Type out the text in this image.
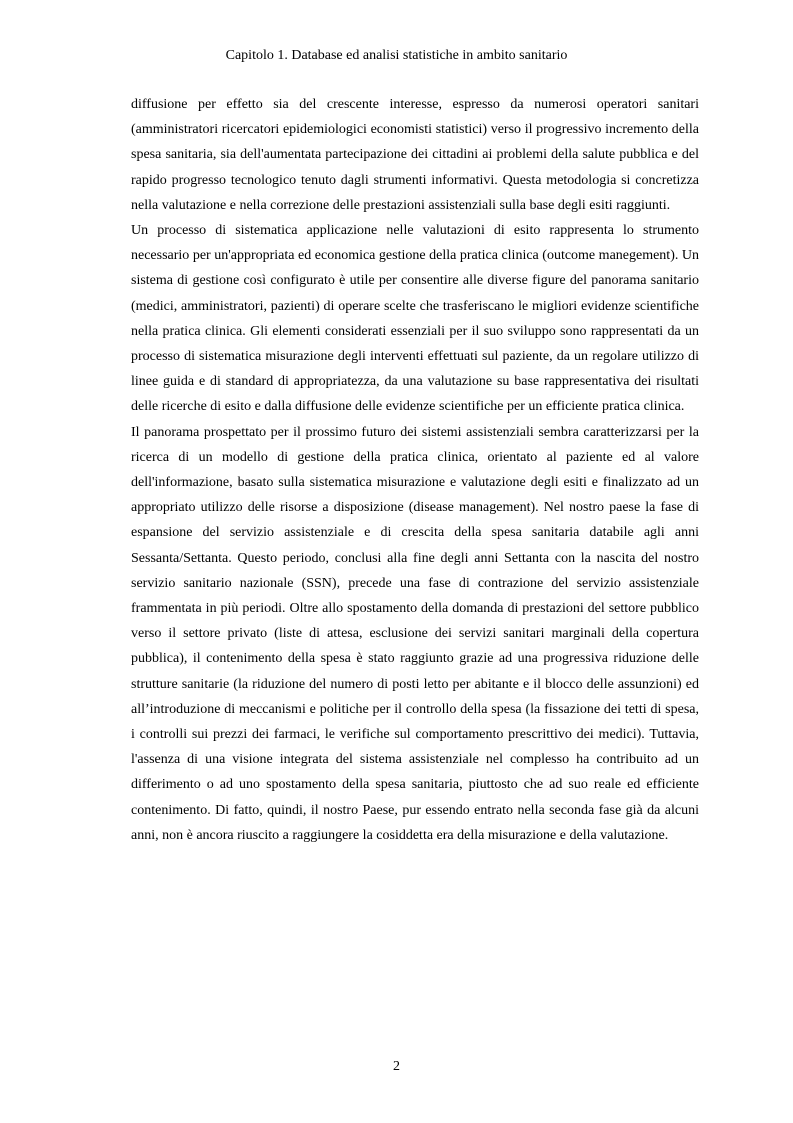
Capitolo 1. Database ed analisi statistiche in ambito sanitario

diffusione per effetto sia del crescente interesse, espresso da numerosi operatori sanitari (amministratori ricercatori epidemiologici economisti statistici) verso il progressivo incremento della spesa sanitaria, sia dell'aumentata partecipazione dei cittadini ai problemi della salute pubblica e del rapido progresso tecnologico tenuto dagli strumenti informativi. Questa metodologia si concretizza nella valutazione e nella correzione delle prestazioni assistenziali sulla base degli esiti raggiunti.

Un processo di sistematica applicazione nelle valutazioni di esito rappresenta lo strumento necessario per un'appropriata ed economica gestione della pratica clinica (outcome manegement). Un sistema di gestione così configurato è utile per consentire alle diverse figure del panorama sanitario (medici, amministratori, pazienti) di operare scelte che trasferiscano le migliori evidenze scientifiche nella pratica clinica. Gli elementi considerati essenziali per il suo sviluppo sono rappresentati da un processo di sistematica misurazione degli interventi effettuati sul paziente, da un regolare utilizzo di linee guida e di standard di appropriatezza, da una valutazione su base rappresentativa dei risultati delle ricerche di esito e dalla diffusione delle evidenze scientifiche per un efficiente pratica clinica.

Il panorama prospettato per il prossimo futuro dei sistemi assistenziali sembra caratterizzarsi per la ricerca di un modello di gestione della pratica clinica, orientato al paziente ed al valore dell'informazione, basato sulla sistematica misurazione e valutazione degli esiti e finalizzato ad un appropriato utilizzo delle risorse a disposizione (disease management). Nel nostro paese la fase di espansione del servizio assistenziale e di crescita della spesa sanitaria databile agli anni Sessanta/Settanta. Questo periodo, conclusi alla fine degli anni Settanta con la nascita del nostro servizio sanitario nazionale (SSN), precede una fase di contrazione del servizio assistenziale frammentata in più periodi. Oltre allo spostamento della domanda di prestazioni del settore pubblico verso il settore privato (liste di attesa, esclusione dei servizi sanitari marginali della copertura pubblica), il contenimento della spesa è stato raggiunto grazie ad una progressiva riduzione delle strutture sanitarie (la riduzione del numero di posti letto per abitante e il blocco delle assunzioni) ed all’introduzione di meccanismi e politiche per il controllo della spesa (la fissazione dei tetti di spesa, i controlli sui prezzi dei farmaci, le verifiche sul comportamento prescrittivo dei medici). Tuttavia, l'assenza di una visione integrata del sistema assistenziale nel complesso ha contribuito ad un differimento o ad uno spostamento della spesa sanitaria, piuttosto che ad suo reale ed efficiente contenimento. Di fatto, quindi, il nostro Paese, pur essendo entrato nella seconda fase già da alcuni anni, non è ancora riuscito a raggiungere la cosiddetta era della misurazione e della valutazione.

2
